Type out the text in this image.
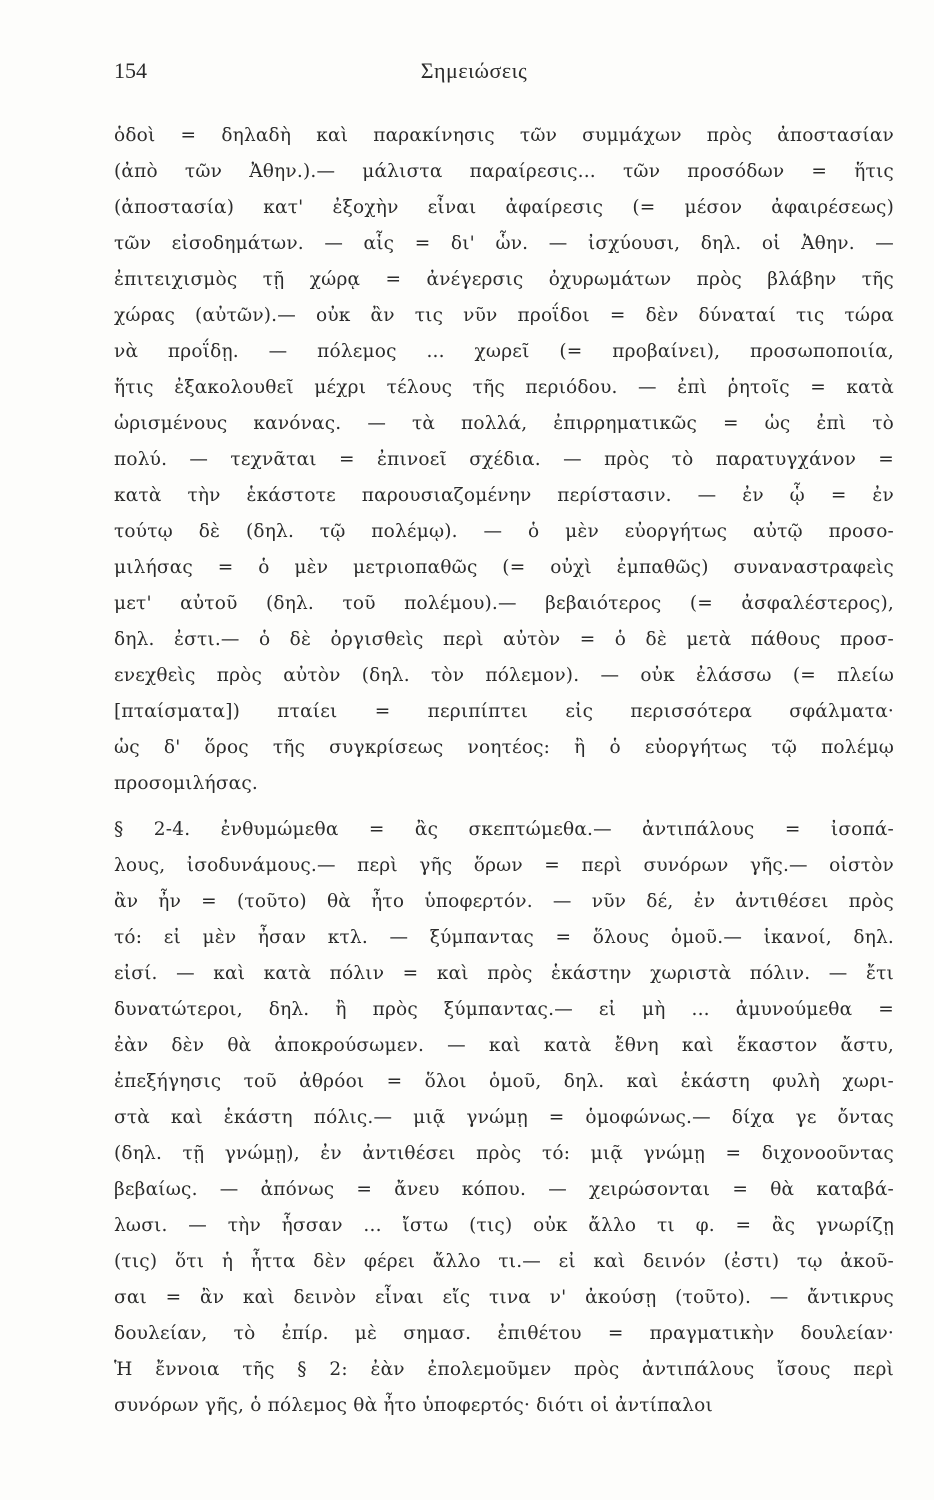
154	Σημειώσεις
ὁδοὶ = δηλαδὴ καὶ παρακίνησις τῶν συμμάχων πρὸς ἀποστασίαν
(ἀπὸ τῶν Ἀθην.).— μάλιστα παραίρεσις... τῶν προσόδων = ἥτις
(ἀποστασία) κατ' ἐξοχὴν εἶναι ἀφαίρεσις (= μέσον ἀφαιρέσεως)
τῶν εἰσοδημάτων. — αἷς = δι' ὧν. — ἰσχύουσι, δηλ. οἱ Ἀθην. —
ἐπιτειχισμὸς τῇ χώρᾳ = ἀνέγερσις ὀχυρωμάτων πρὸς βλάβην τῆς
χώρας (αὐτῶν).— οὐκ ἂν τις νῦν προΐδοι = δὲν δύναταί τις τώρα
νὰ προΐδῃ. — πόλεμος ... χωρεῖ (= προβαίνει), προσωποποιία,
ἥτις ἐξακολουθεῖ μέχρι τέλους τῆς περιόδου. — ἐπὶ ῥητοῖς = κατὰ
ὡρισμένους κανόνας. — τὰ πολλά, ἐπιρρηματικῶς = ὡς ἐπὶ τὸ
πολύ. — τεχνᾶται = ἐπινοεῖ σχέδια. — πρὸς τὸ παρατυγχάνον =
κατὰ τὴν ἑκάστοτε παρουσιαζομένην περίστασιν. — ἐν ᾧ = ἐν
τούτῳ δὲ (δηλ. τῷ πολέμῳ). — ὁ μὲν εὐοργήτως αὐτῷ προσο-
μιλήσας = ὁ μὲν μετριοπαθῶς (= οὐχὶ ἐμπαθῶς) συναναστραφεὶς
μετ' αὐτοῦ (δηλ. τοῦ πολέμου).— βεβαιότερος (= ἀσφαλέστερος),
δηλ. ἐστι.— ὁ δὲ ὀργισθεὶς περὶ αὐτὸν = ὁ δὲ μετὰ πάθους προσ-
ενεχθεὶς πρὸς αὐτὸν (δηλ. τὸν πόλεμον). — οὐκ ἐλάσσω (= πλείω
[πταίσματα]) πταίει = περιπίπτει εἰς περισσότερα σφάλματα·
ὡς δ' ὅρος τῆς συγκρίσεως νοητέος: ἢ ὁ εὐοργήτως τῷ πολέμῳ
προσομιλήσας.
§ 2-4. ἐνθυμώμεθα = ἂς σκεπτώμεθα.— ἀντιπάλους = ἰσοπά-
λους, ἰσοδυνάμους.— περὶ γῆς ὅρων = περὶ συνόρων γῆς.— οἰστὸν
ἂν ἦν = (τοῦτο) θὰ ἦτο ὑποφερτόν. — νῦν δέ, ἐν ἀντιθέσει πρὸς
τό: εἰ μὲν ἦσαν κτλ. — ξύμπαντας = ὅλους ὁμοῦ.— ἱκανοί, δηλ.
εἰσί. — καὶ κατὰ πόλιν = καὶ πρὸς ἑκάστην χωριστὰ πόλιν. — ἔτι
δυνατώτεροι, δηλ. ἢ πρὸς ξύμπαντας.— εἰ μὴ ... ἀμυνούμεθα =
ἐὰν δὲν θὰ ἀποκρούσωμεν. — καὶ κατὰ ἔθνη καὶ ἕκαστον ἄστυ,
ἐπεξήγησις τοῦ ἀθρόοι = ὅλοι ὁμοῦ, δηλ. καὶ ἑκάστη φυλὴ χωρι-
στὰ καὶ ἑκάστη πόλις.— μιᾷ γνώμῃ = ὁμοφώνως.— δίχα γε ὄντας
(δηλ. τῇ γνώμῃ), ἐν ἀντιθέσει πρὸς τό: μιᾷ γνώμῃ = διχονοοῦντας
βεβαίως. — ἀπόνως = ἄνευ κόπου. — χειρώσονται = θὰ καταβά-
λωσι. — τὴν ἧσσαν ... ἴστω (τις) οὐκ ἄλλο τι φ. = ἂς γνωρίζῃ
(τις) ὅτι ἡ ἧττα δὲν φέρει ἄλλο τι.— εἰ καὶ δεινόν (ἐστι) τῳ ἀκοῦ-
σαι = ἂν καὶ δεινὸν εἶναι εἴς τινα ν' ἀκούσῃ (τοῦτο). — ἄντικρυς
δουλείαν, τὸ ἐπίρ. μὲ σημασ. ἐπιθέτου = πραγματικὴν δουλείαν·
Ἡ ἔννοια τῆς § 2: ἐὰν ἐπολεμοῦμεν πρὸς ἀντιπάλους ἴσους περὶ
συνόρων γῆς, ὁ πόλεμος θὰ ἦτο ὑποφερτός· διότι οἱ ἀντίπαλοι
